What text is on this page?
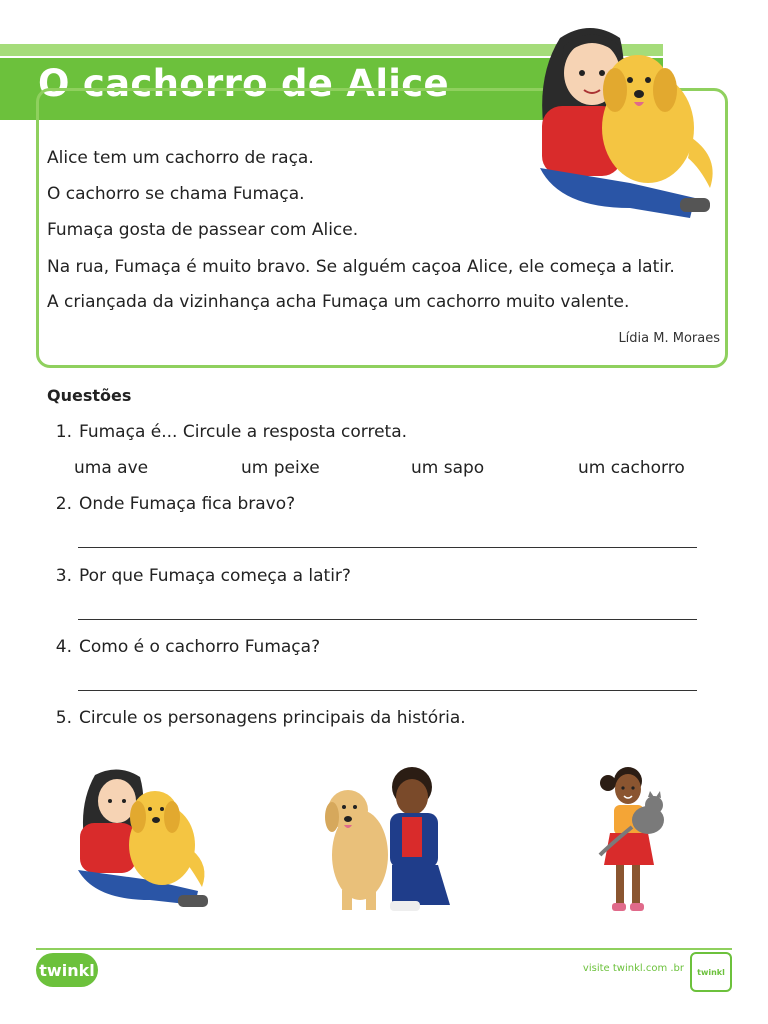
O cachorro de Alice
Alice tem um cachorro de raça.
O cachorro se chama Fumaça.
Fumaça gosta de passear com Alice.
Na rua, Fumaça é muito bravo. Se alguém caçoa Alice, ele começa a latir.
A criançada da vizinhança acha Fumaça um cachorro muito valente.
Lídia M. Moraes
Questões
1. Fumaça é... Circule a resposta correta.
uma ave	um peixe	um sapo	um cachorro
2. Onde Fumaça fica bravo?
3. Por que Fumaça começa a latir?
4. Como é o cachorro Fumaça?
5. Circule os personagens principais da história.
twinkl	visite twinkl.com .br	twinkl
